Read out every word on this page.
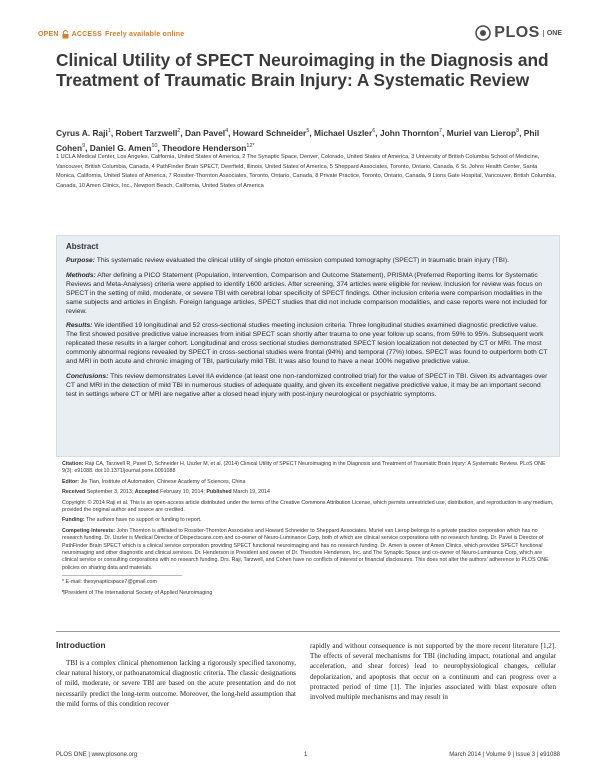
OPEN ACCESS Freely available online	PLOS	ONE
Clinical Utility of SPECT Neuroimaging in the Diagnosis and Treatment of Traumatic Brain Injury: A Systematic Review
Cyrus A. Raji$^1$, Robert Tarzwell$^2$, Dan Pavel$^4$, Howard Schneider$^5$, Michael Uszler$^6$, John Thornton$^7$, Muriel van Lierop$^8$, Phil Cohen$^9$, Daniel G. Amen$^{10}$, Theodore Henderson$^{12*}$
1 UCLA Medical Center, Los Angeles, California, United States of America, 2 The Synaptic Space, Denver, Colorado, United States of America, 3 University of British Columbia School of Medicine, Vancouver, British Columbia, Canada, 4 PathFinder Brain SPECT, Deerfield, Illinois, United States of America, 5 Sheppard Associates, Toronto, Ontario, Canada, 6 St. Johns Health Center, Santa Monica, California, United States of America, 7 Rossiter-Thornton Associates, Toronto, Ontario, Canada, 8 Private Practice, Toronto, Ontario, Canada, 9 Lions Gate Hospital, Vancouver, British Columbia, Canada, 10 Amen Clinics, Inc., Newport Beach, California, United States of America
Abstract

Purpose: This systematic review evaluated the clinical utility of single photon emission computed tomography (SPECT) in traumatic brain injury (TBI).

Methods: After defining a PICO Statement (Population, Intervention, Comparison and Outcome Statement), PRISMA (Preferred Reporting Items for Systematic Reviews and Meta-Analyses) criteria were applied to identify 1600 articles. After screening, 374 articles were eligible for review. Inclusion for review was focus on SPECT in the setting of mild, moderate, or severe TBI with cerebral lobar specificity of SPECT findings. Other inclusion criteria were comparison modalities in the same subjects and articles in English. Foreign language articles, SPECT studies that did not include comparison modalities, and case reports were not included for review.

Results: We identified 19 longitudinal and 52 cross-sectional studies meeting inclusion criteria. Three longitudinal studies examined diagnostic predictive value. The first showed positive predictive value increases from initial SPECT scan shortly after trauma to one year follow up scans, from 59% to 95%. Subsequent work replicated these results in a larger cohort. Longitudinal and cross sectional studies demonstrated SPECT lesion localization not detected by CT or MRI. The most commonly abnormal regions revealed by SPECT in cross-sectional studies were frontal (94%) and temporal (77%) lobes. SPECT was found to outperform both CT and MRI in both acute and chronic imaging of TBI, particularly mild TBI. It was also found to have a near 100% negative predictive value.

Conclusions: This review demonstrates Level IIA evidence (at least one non-randomized controlled trial) for the value of SPECT in TBI. Given its advantages over CT and MRI in the detection of mild TBI in numerous studies of adequate quality, and given its excellent negative predictive value, it may be an important second test in settings where CT or MRI are negative after a closed head injury with post-injury neurological or psychiatric symptoms.

Citation: Raji CA, Tarzwell R, Pavel D, Schneider H, Uszler M, et al. (2014) Clinical Utility of SPECT Neuroimaging in the Diagnosis and Treatment of Traumatic Brain Injury: A Systematic Review. PLoS ONE 9(3): e91088. doi:10.1371/journal.pone.0091088

Editor: Jie Tian, Institute of Automation, Chinese Academy of Sciences, China

Received September 3, 2013; Accepted February 10, 2014; Published March 19, 2014

Copyright: © 2014 Raji et al. This is an open-access article distributed under the terms of the Creative Commons Attribution License, which permits unrestricted use, distribution, and reproduction in any medium, provided the original author and source are credited.

Funding: The authors have no support or funding to report.

Competing Interests: John Thornton is affiliated to Rossiter-Thornton Associates and Howard Schneider to Sheppard Associates. Muriel van Lierop belongs to a private practice corporation which has no research funding. Dr. Uszler is Medical Director of Dispectscans.com and co-owner of Neuro-Luminance Corp, both of which are clinical service corporations with no research funding. Dr. Pavel is Director of PathFinder Brain SPECT which is a clinical service corporation providing SPECT functional neuroimaging and has no research funding. Dr. Amen is owner of Amen Clinics, which provides SPECT functional neuroimaging and other diagnostic and clinical services. Dr. Henderson is President and owner of Dr. Theodore Henderson, Inc. and The Synaptic Space and co-owner of Neuro-Luminance Corp, which are clinical service or consulting corporations with no research funding. Drs. Raji, Tarzwell, and Cohen have no conflicts of interest or financial disclosures. This does not alter the authors' adherence to PLOS ONE policies on sharing data and materials.

* E-mail: thesynapticspace7@gmail.com

¶President of The International Society of Applied Neuroimaging

Introduction

TBI is a complex clinical phenomenon lacking a rigorously specified taxonomy, clear natural history, or pathoanatomical diagnostic criteria. The classic designations of mild, moderate, or severe TBI are based on the acute presentation and do not necessarily predict the long-term outcome. Moreover, the long-held assumption that the mild forms of this condition recover

rapidly and without consequence is not supported by the more recent literature [1,2]. The effects of several mechanisms for TBI (including impact, rotational and angular acceleration, and shear forces) lead to neurophysiological changes, cellular depolarization, and apoptosis that occur on a continuum and can progress over a protracted period of time [1]. The injuries associated with blast exposure often involved multiple mechanisms and may result in

PLOS ONE | www.plosone.org	1	March 2014 | Volume 9 | Issue 3 | e91088
